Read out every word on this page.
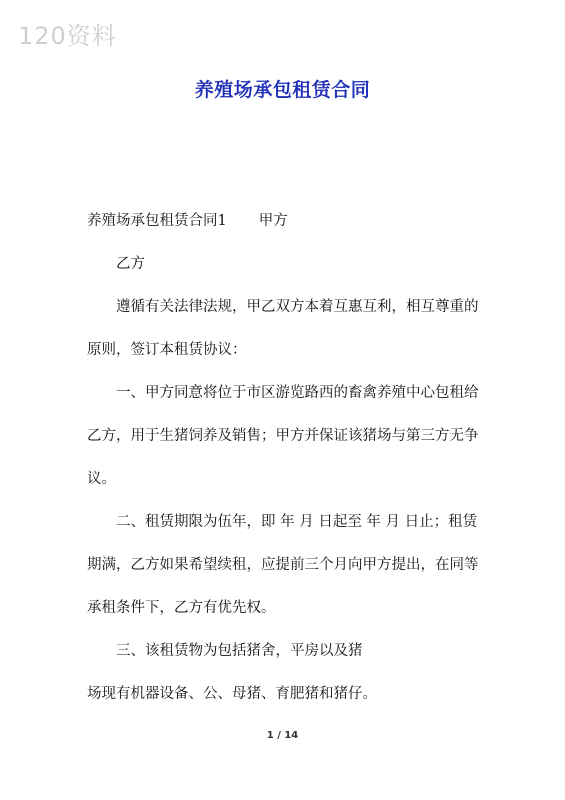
120资料
养殖场承包租赁合同

养殖场承包租赁合同1 甲方

乙方

遵循有关法律法规，甲乙双方本着互惠互利，相互尊重的原则，签订本租赁协议：

一、甲方同意将位于市区游览路西的畜禽养殖中心包租给乙方，用于生猪饲养及销售；甲方并保证该猪场与第三方无争议。

二、租赁期限为伍年，即 年 月 日起至 年 月 日止；租赁期满，乙方如果希望续租，应提前三个月向甲方提出，在同等承租条件下，乙方有优先权。

三、该租赁物为包括猪舍，平房以及猪

场现有机器设备、公、母猪、育肥猪和猪仔。

1 / 14
